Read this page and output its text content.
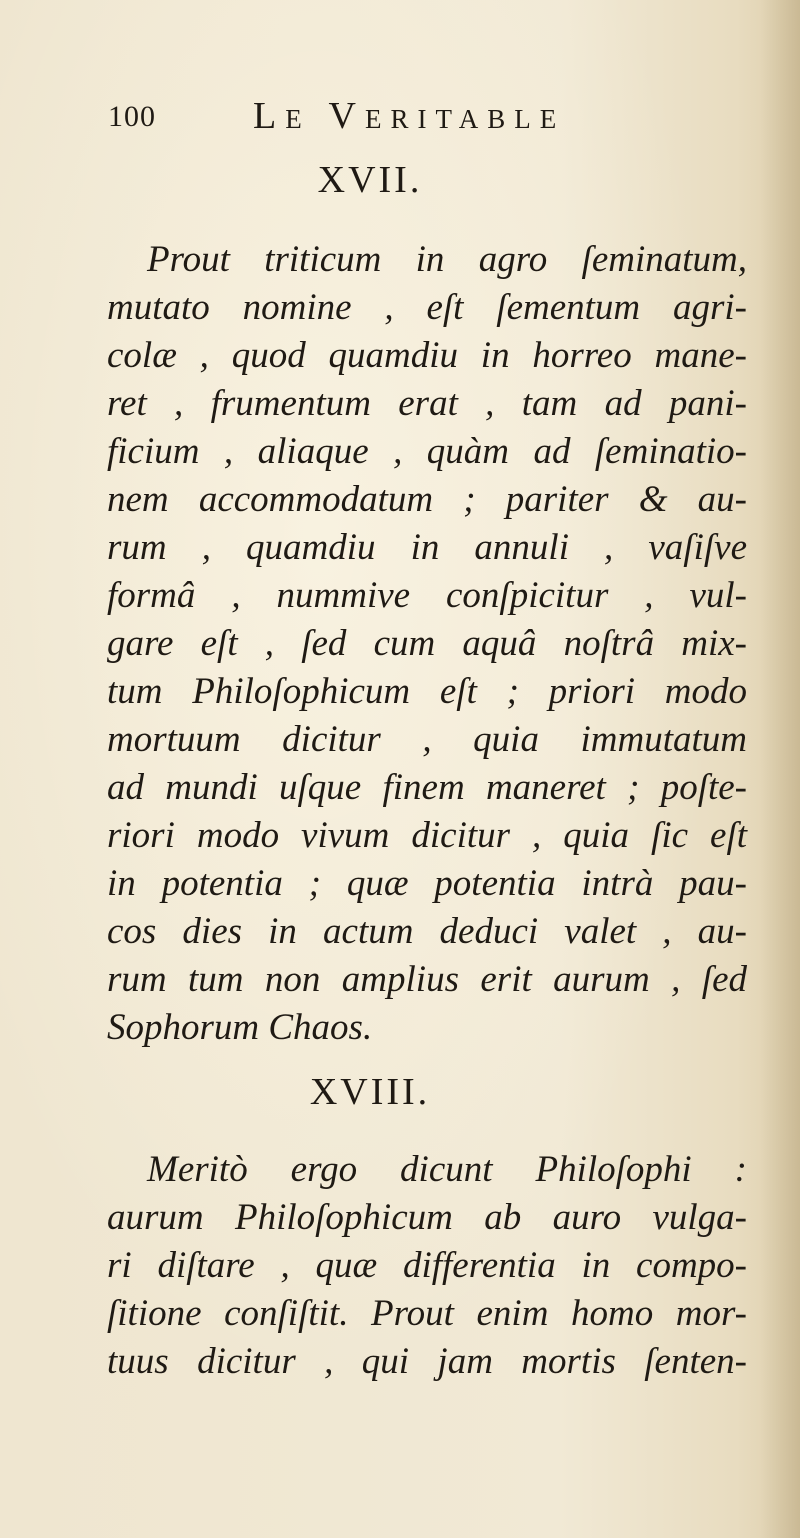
100	Le Veritable
XVII.
Prout triticum in agro ſeminatum,
mutato nomine , eſt ſementum agri-
colæ , quod quamdiu in horreo mane-
ret , frumentum erat , tam ad pani-
ficium , aliaque , quàm ad ſeminatio-
nem accommodatum ; pariter & au-
rum , quamdiu in annuli , vaſiſve
formâ , nummive conſpicitur , vul-
gare eſt , ſed cum aquâ noſtrâ mix-
tum Philoſophicum eſt ; priori modo
mortuum dicitur , quia immutatum
ad mundi uſque finem maneret ; poſte-
riori modo vivum dicitur , quia ſic eſt
in potentia ; quæ potentia intrà pau-
cos dies in actum deduci valet , au-
rum tum non amplius erit aurum , ſed
Sophorum Chaos.
XVIII.
Meritò ergo dicunt Philoſophi :
aurum Philoſophicum ab auro vulga-
ri diſtare , quæ differentia in compo-
ſitione conſiſtit. Prout enim homo mor-
tuus dicitur , qui jam mortis ſenten-
